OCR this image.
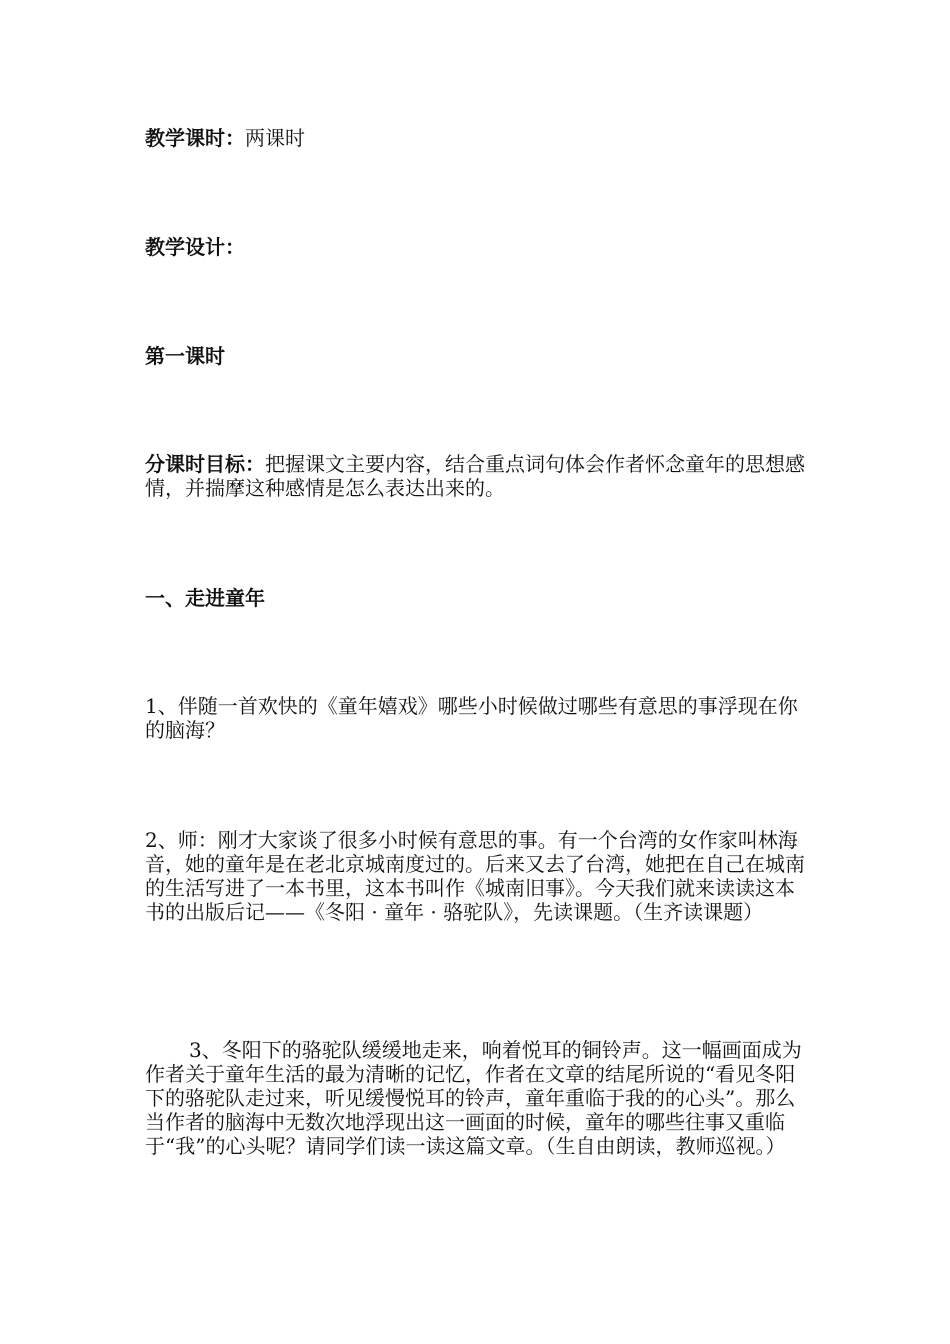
教学课时：两课时

教学设计：

第一课时

分课时目标：把握课文主要内容，结合重点词句体会作者怀念童年的思想感情，并揣摩这种感情是怎么表达出来的。

一、走进童年

1、伴随一首欢快的《童年嬉戏》哪些小时候做过哪些有意思的事浮现在你的脑海？

2、师：刚才大家谈了很多小时候有意思的事。有一个台湾的女作家叫林海音，她的童年是在老北京城南度过的。后来又去了台湾，她把在自己在城南的生活写进了一本书里，这本书叫作《城南旧事》。今天我们就来读读这本书的出版后记——《冬阳 · 童年 · 骆驼队》，先读课题。（生齐读课题）

3、冬阳下的骆驼队缓缓地走来，响着悦耳的铜铃声。这一幅画面成为作者关于童年生活的最为清晰的记忆，作者在文章的结尾所说的“看见冬阳下的骆驼队走过来，听见缓慢悦耳的铃声，童年重临于我的的心头”。那么当作者的脑海中无数次地浮现出这一画面的时候，童年的哪些往事又重临于“我”的心头呢？请同学们读一读这篇文章。（生自由朗读，教师巡视。）
